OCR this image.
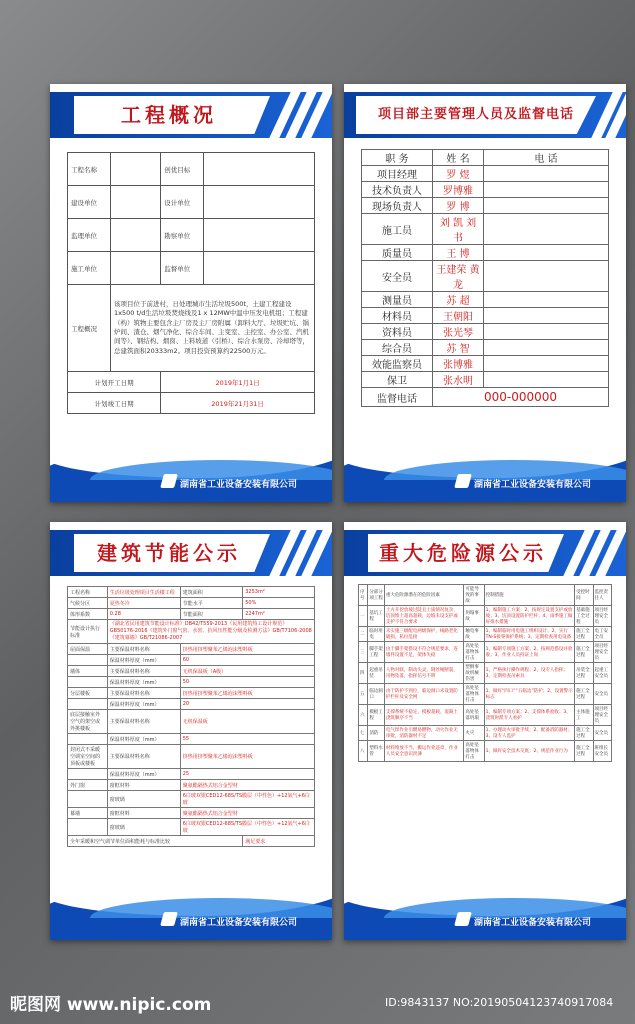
工程概况
工程名称		创优目标	
建设单位		设计单位	
监理单位		勘察单位	
施工单位		监督单位	
工程概况	该项目位于前进村，日处理城市生活垃圾500t，土建工程建设1x500 t/d生活垃圾焚烧线及1 x 12MW中温中压发电机组；工程建（构）筑物主要包含主厂房及主厂房附属（卸料大厅、垃圾贮坑、锅炉间、渣仓、烟气净化、综合车间、主变室、主控室、办公室、汽机间等）、钢结构、烟囱、上料坡道（引桥）、综合水泵房、冷却塔等，总建筑面积20333m2。项目投资预算约22500万元。		
计划开工日期		2019年1月1日	
计划竣工日期		2019年21月31日	
湖南省工业设备安装有限公司
项目部主要管理人员及监督电话
职 务	姓 名	电 话
项目经理	罗 煜	
技术负责人	罗博雅	
现场负责人	罗 博	
施工员	刘 凯 刘 书	
质量员	王 博	
安全员	王建荣 黄 龙	
测量员	苏 超	
材料员	王朝阳	
资料员	张光琴	
综合员	苏 智	
效能监察员	张博雅	
保卫	张水明	
监督电话	000-000000	
湖南省工业设备安装有限公司
建筑节能公示
工程名称	生活垃圾处理项目生活楼工程	建筑面积	3253m²
气候分区	夏热冬冷	节能水平	50%
体形系数	0.28	节能面积	2247m²
节能设计执行标准	《湖北省民用建筑节能设计标准》DB42/T559-2013《民用建筑热工设计规范》GB50176-2016《建筑外门窗气密、水密、抗风压性能分级及检测方法》GB/T7106-2008《建筑幕墙》GB/T21086-2007		
屋面保温	主要保温材料名称	挤热用挤塑聚苯乙烯泡沫塑料板	
	保温材料厚度（mm）	60	
墙体	主要保温材料名称	无机保温板（A级）	
	保温材料厚度（mm）	50	
分层楼板	主要保温材料名称	挤热用挤塑聚苯乙烯泡沫塑料板	
	保温材料厚度（mm）	20	
底层接触室外空气的架空或外挑楼板	主要保温材料名称	无机保温板	
	保温材料厚度（mm）	55	
封闭式不采暖空调室空间的顶板或楼板	主要保温材料名称	挤热用挤塑聚苯乙烯泡沫塑料板	
	保温材料厚度（mm）	25	
外门窗	窗框材料	聚氨酯隔热式铝合金型材	
	窗玻璃	6白玻双银CED12-68S/TS膜层（中性色）+12氩气+6白玻	
幕墙	窗框材料	聚氨酯隔热式铝合金型材	
	窗玻璃	6白玻双银CED12-68S/TS膜层（中性色）+12氩气+6白玻	
全年采暖和空气调节单位面积能耗与标准比较			满足要求
湖南省工业设备安装有限公司
重大危险源公示
序号	分部分项工程	重大危险源潜在的危险因素	可能导致的事故	控制措施	受控时间	监控责任人
一	基坑工程	土方开挖放坡过陡且土质情况复杂，坑顶堆土超高超载，边坡未设支护或支护不符合要求	坍塌事故	1、编制施工方案；2、按规定设置支护或放坡；3、坑顶设置防护栏杆；4、雨季施工做好排水措施	基础施工全过程	项目经理安全员
二	临时用电	未实施三级配电两级保护，线路老化破损，私拉乱接	触电事故	1、编制临时用电施工组织设计；2、实行TN-S接零保护系统；3、定期检查用电设备	施工全过程	电工安全员
三	脚手架工程	由于脚手架搭设不符合规范要求，连墙件设置不足，架体失稳	高处坠落物体打击	1、编制专项施工方案；2、按规范搭设并验收；3、作业人员持证上岗	施工全过程	项目经理安全员
四	起重吊装	人物对联，制动失灵，钢丝绳断裂，吊物坠落，指挥信号不明	塑倒事故机械伤害	1、严格执行操作规程；2、设专人指挥；3、定期检查吊索具	吊装全过程	起重工安全员
五	临边洞口	由于防护不到位，临边洞口未设置防护栏杆及安全网	高处坠落物体打击	1、做好“四口”“五临边”防护；2、设置警示标志	施工全过程	安全员
六	模板工程	支撑系统不稳定，模板超载，混凝土浇筑顺序不当	高处坠落坍塌	1、编制专项方案；2、支撑体系验收；3、浇筑时派专人看护	主体施工	项目经理安全员
七	消防	电气焊作业引燃易燃物，动火作业无审批，消防器材不足	火灾	1、办理动火审批手续；2、配备消防器材；3、设专人监护	施工全过程	安全员
八	塑料水管	材料堆放不当，搬运作业违章，作业人员安全意识淡薄	高处坠落物体打击	1、做好安全技术交底；2、规范作业行为	施工全过程	班组长安全员
湖南省工业设备安装有限公司
昵图网 www.nipic.com	ID:9843137 NO:20190504123740917084
